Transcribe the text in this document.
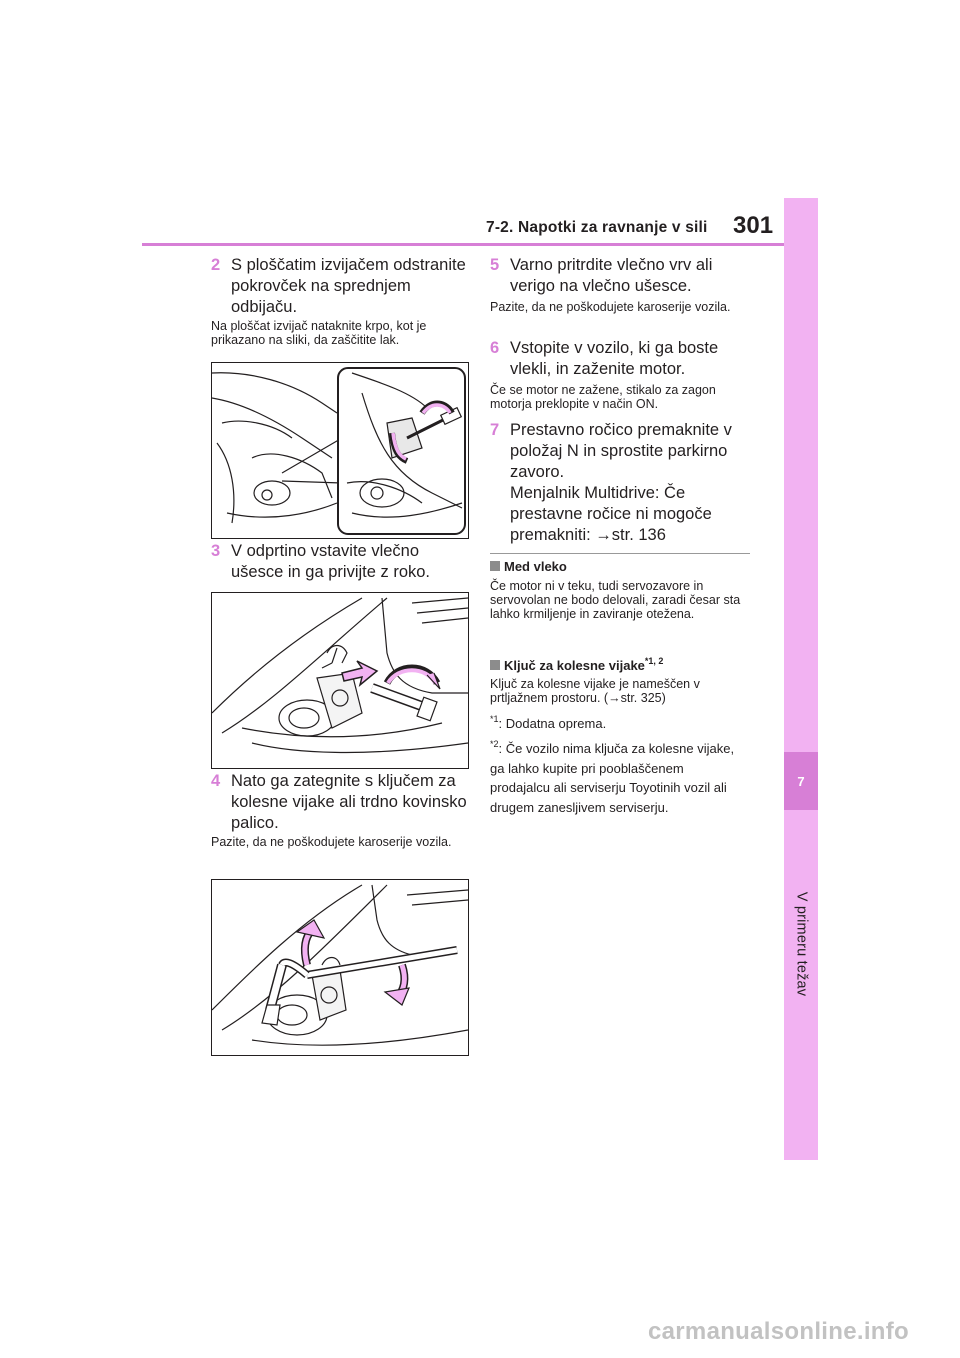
7-2. Napotki za ravnanje v sili 301
7
V primeru težav
2 S ploščatim izvijačem odstranite pokrovček na sprednjem odbijaču.
Na ploščat izvijač nataknite krpo, kot je prikazano na sliki, da zaščitite lak.
3 V odprtino vstavite vlečno ušesce in ga privijte z roko.
4 Nato ga zategnite s ključem za kolesne vijake ali trdno kovinsko palico.
Pazite, da ne poškodujete karoserije vozila.
5 Varno pritrdite vlečno vrv ali verigo na vlečno ušesce.
Pazite, da ne poškodujete karoserije vozila.
6 Vstopite v vozilo, ki ga boste vlekli, in zaženite motor.
Če se motor ne zažene, stikalo za zagon motorja preklopite v način ON.
7 Prestavno ročico premaknite v položaj N in sprostite parkirno zavoro.
Menjalnik Multidrive: Če prestavne ročice ni mogoče premakniti: →str. 136
Med vleko
Če motor ni v teku, tudi servozavore in servovolan ne bodo delovali, zaradi česar sta lahko krmiljenje in zaviranje otežena.
Ključ za kolesne vijake$^{*1, 2}$
Ključ za kolesne vijake je nameščen v prtljažnem prostoru. (→str. 325)
$^{*1}$: Dodatna oprema.
$^{*2}$: Če vozilo nima ključa za kolesne vijake, ga lahko kupite pri pooblaščenem prodajalcu ali serviserju Toyotinih vozil ali drugem zanesljivem serviserju.
carmanualsonline.info
